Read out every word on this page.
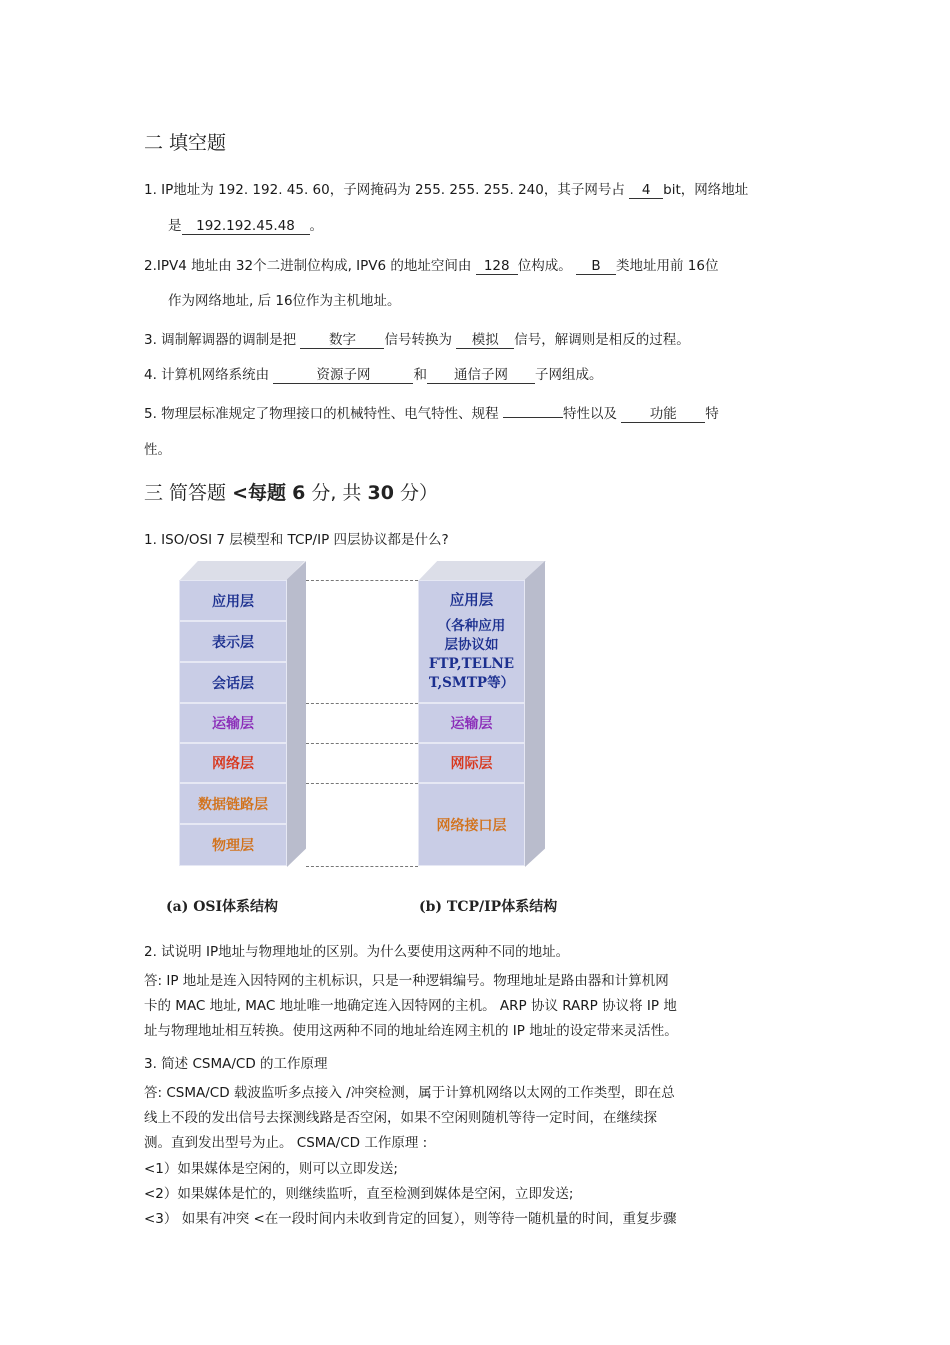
二 填空题
1. IP地址为 192. 192. 45. 60，子网掩码为 255. 255. 255. 240，其子网号占 4 bit，网络地址
是 192.192.45.48 。
2.IPV4 地址由 32个二进制位构成, IPV6 的地址空间由 128 位构成。 B 类地址用前 16位
作为网络地址, 后 16位作为主机地址。
3. 调制解调器的调制是把 数字 信号转换为 模拟 信号，解调则是相反的过程。
4. 计算机网络系统由	资源子网	和 通信子网 子网组成。
5. 物理层标准规定了物理接口的机械特性、电气特性、规程	特性以及 功能 特
性。
三 简答题 <每题 6 分, 共 30 分）
1. ISO/OSI 7 层模型和 TCP/IP 四层协议都是什么?
应用层
表示层
会话层
运输层
网络层
数据链路层
物理层
应用层
（各种应用
层协议如
FTP,TELNE
T,SMTP等）
运输层
网际层
网络接口层
(a) OSI体系结构	(b) TCP/IP体系结构
2. 试说明 IP地址与物理地址的区别。为什么要使用这两种不同的地址。
答: IP 地址是连入因特网的主机标识，只是一种逻辑编号。物理地址是路由器和计算机网
卡的 MAC 地址, MAC 地址唯一地确定连入因特网的主机。 ARP 协议 RARP 协议将 IP 地
址与物理地址相互转换。使用这两种不同的地址给连网主机的 IP 地址的设定带来灵活性。
3. 简述 CSMA/CD 的工作原理
答: CSMA/CD 载波监听多点接入 /冲突检测，属于计算机网络以太网的工作类型，即在总
线上不段的发出信号去探测线路是否空闲，如果不空闲则随机等待一定时间，在继续探
测。直到发出型号为止。 CSMA/CD 工作原理 :
<1）如果媒体是空闲的，则可以立即发送;
<2）如果媒体是忙的，则继续监听，直至检测到媒体是空闲，立即发送;
<3） 如果有冲突 <在一段时间内未收到肯定的回复），则等待一随机量的时间，重复步骤
